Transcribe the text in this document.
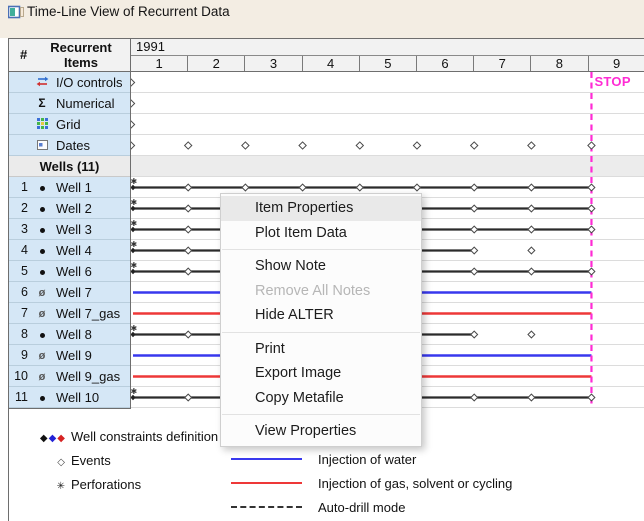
Time-Line View of Recurrent Data
#	Recurrent
Items
1991
1	2	3	4	5	6	7	8	9
I/O controls
Σ Numerical
Grid
Dates
Wells (11)
1 Well 1
2 Well 2
3 Well 3
4 Well 4
5 Well 6
6 ø Well 7
7 ø Well 7_gas
8 Well 8
9 ø Well 9
10 ø Well 9_gas
11 Well 10
✱
✱
✱
✱
✱
✱
✱
STOP
◆◆◆ Well constraints definition
◇ Events
✳ Perforations
Injection of water
Injection of gas, solvent or cycling
Auto-drill mode
Item Properties
Plot Item Data
Show Note
Remove All Notes
Hide ALTER
Print
Export Image
Copy Metafile
View Properties
